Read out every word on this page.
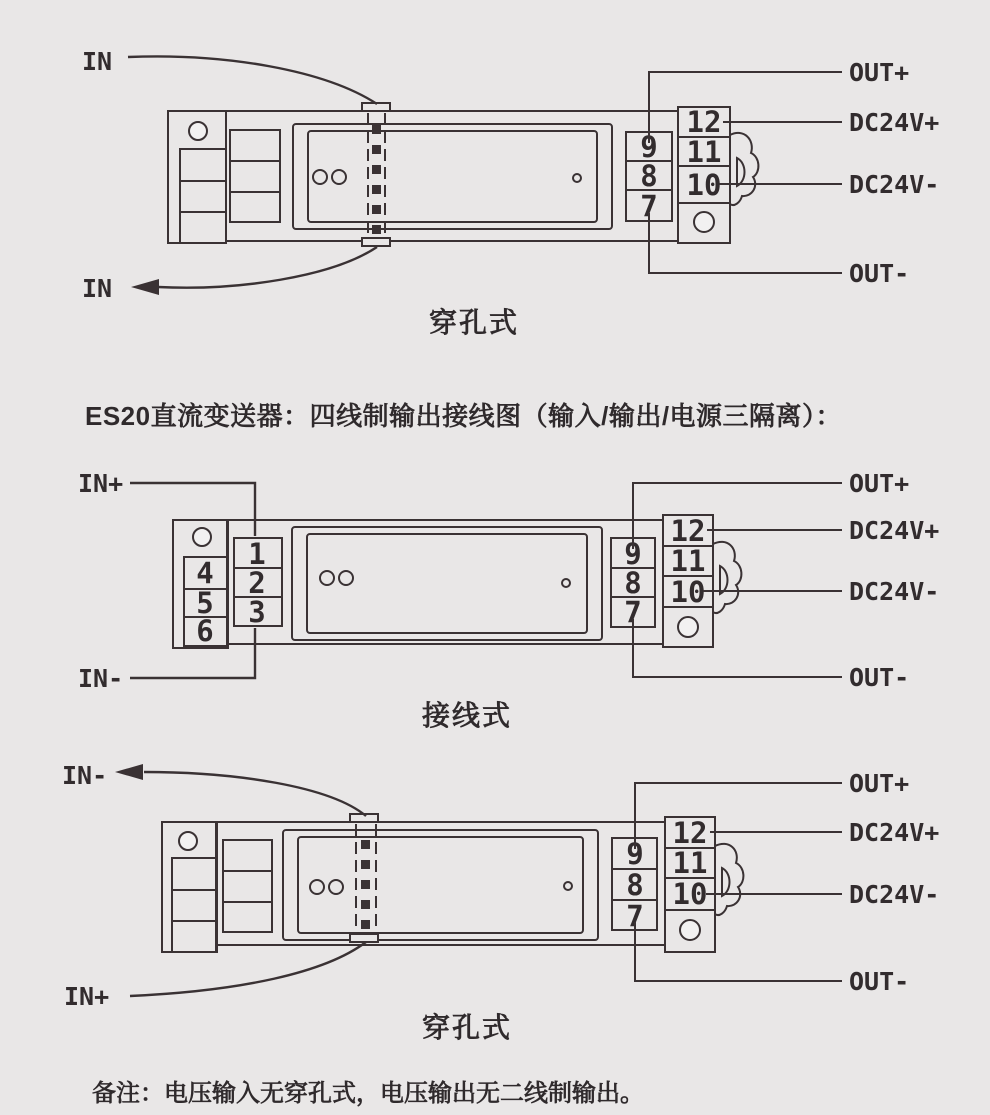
9
8
7
12
11
10
OUT+
DC24V+
DC24V-
OUT-
IN
IN
4
5
6
1
2
3
9
8
7
12
11
10
OUT+
DC24V+
DC24V-
OUT-
IN+
IN-
9
8
7
12
11
10
OUT+
DC24V+
DC24V-
OUT-
IN-
IN+
ES20直流变送器：四线制输出接线图（输入/输出/电源三隔离）：
穿孔式
接线式
穿孔式
备注：电压输入无穿孔式，电压输出无二线制输出。
